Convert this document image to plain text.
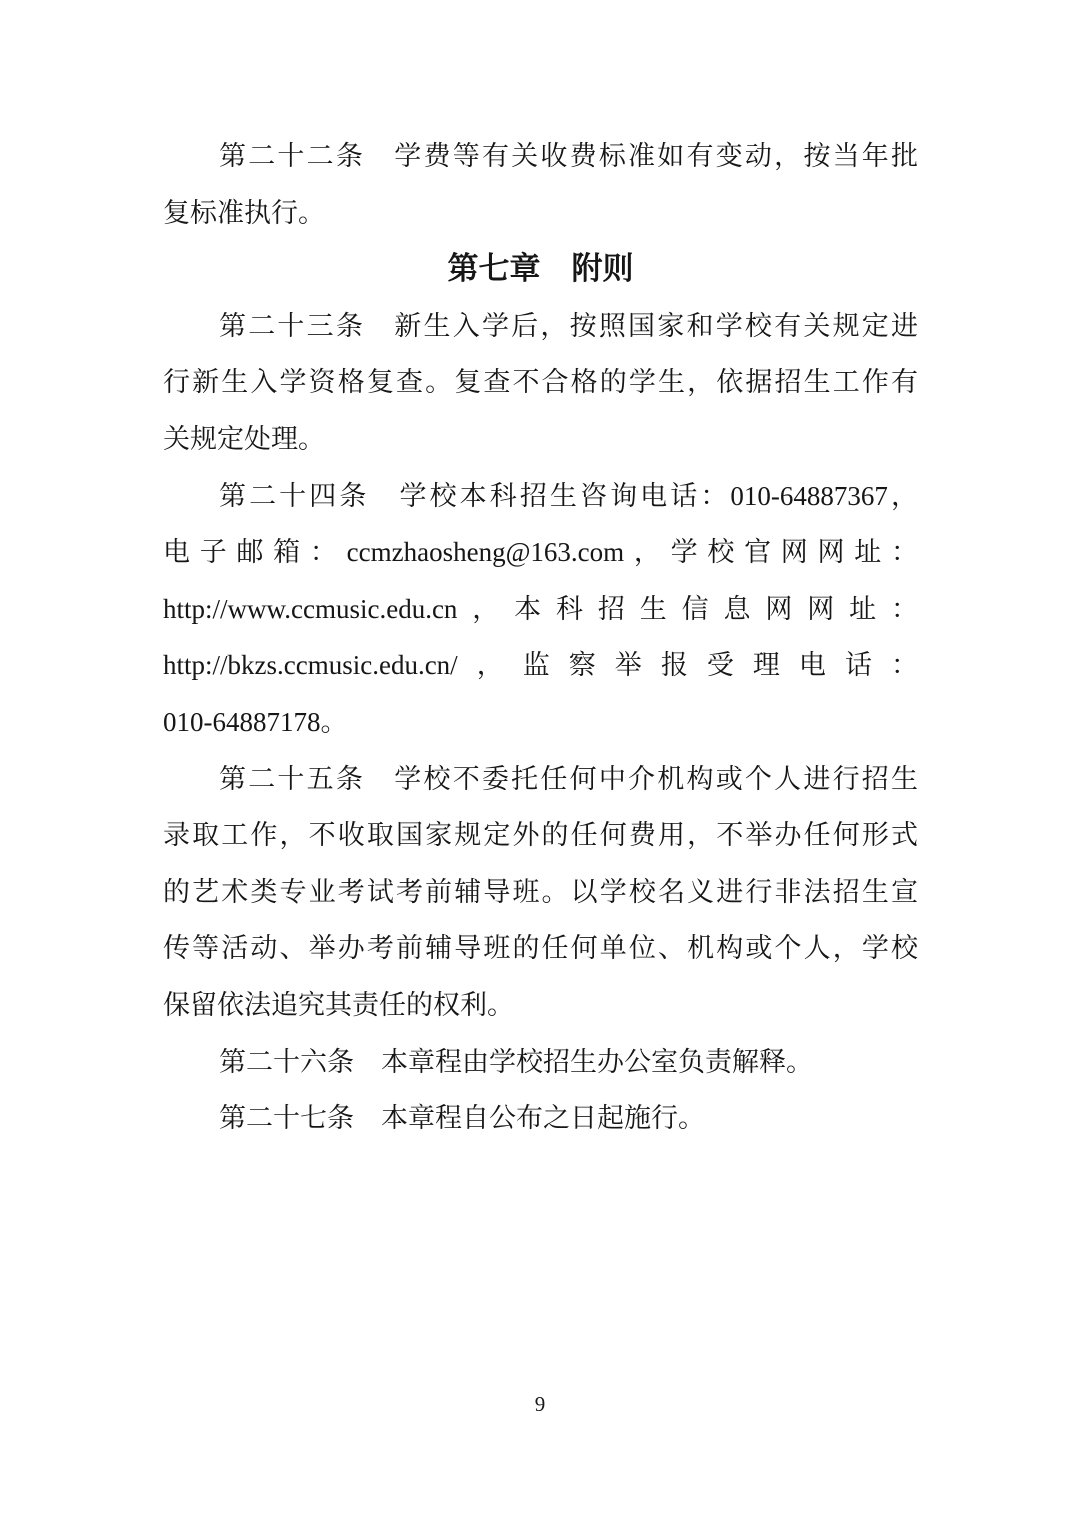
第二十二条　学费等有关收费标准如有变动，按当年批
复标准执行。
第七章　附则
第二十三条　新生入学后，按照国家和学校有关规定进
行新生入学资格复查。复查不合格的学生，依据招生工作有
关规定处理。
第二十四条　学校本科招生咨询电话：010-64887367，
电子邮箱：ccmzhaosheng@163.com，学校官网网址：
http://www.ccmusic.edu.cn，本科招生信息网网址：
http://bkzs.ccmusic.edu.cn/，监察举报受理电话：
010-64887178。
第二十五条　学校不委托任何中介机构或个人进行招生
录取工作，不收取国家规定外的任何费用，不举办任何形式
的艺术类专业考试考前辅导班。以学校名义进行非法招生宣
传等活动、举办考前辅导班的任何单位、机构或个人，学校
保留依法追究其责任的权利。
第二十六条　本章程由学校招生办公室负责解释。
第二十七条　本章程自公布之日起施行。
9
